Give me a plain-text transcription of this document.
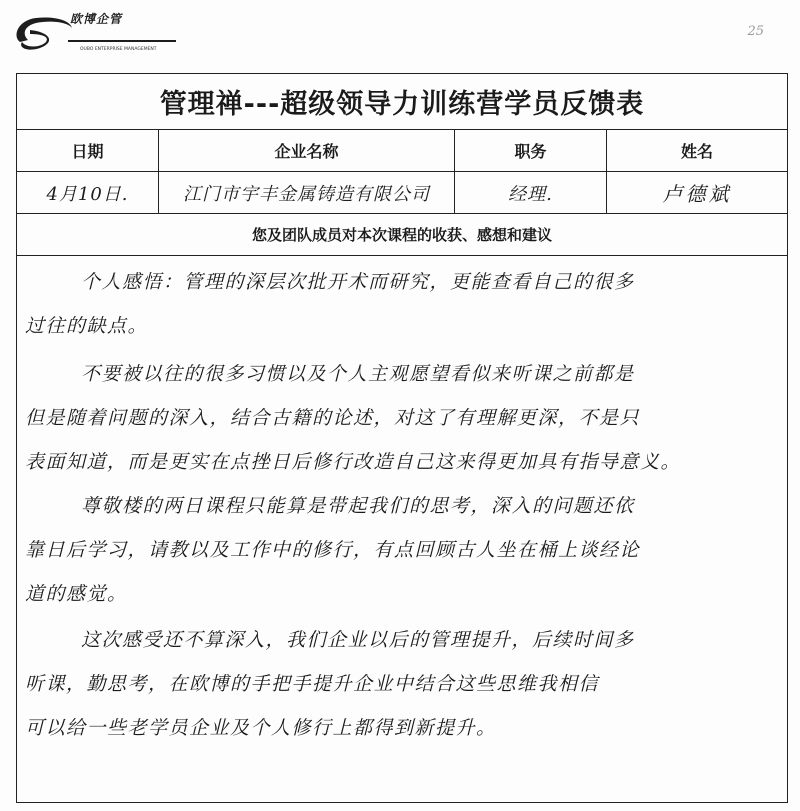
OUBO ENTERPRISE MANAGEMENT
欧博企管
25
管理禅---超级领导力训练营学员反馈表
日期	企业名称	职务	姓名
4月10日.	江门市宇丰金属铸造有限公司	经理.	卢德斌
您及团队成员对本次课程的收获、感想和建议
个人感悟：管理的深层次批开术而研究，更能查看自己的很多
过往的缺点。
不要被以往的很多习惯以及个人主观愿望看似来听课之前都是
但是随着问题的深入，结合古籍的论述，对这了有理解更深，不是只
表面知道，而是更实在点挫日后修行改造自己这来得更加具有指导意义。
尊敬楼的两日课程只能算是带起我们的思考，深入的问题还依
靠日后学习，请教以及工作中的修行，有点回顾古人坐在桶上谈经论
道的感觉。
这次感受还不算深入，我们企业以后的管理提升，后续时间多
听课，勤思考，在欧博的手把手提升企业中结合这些思维我相信
可以给一些老学员企业及个人修行上都得到新提升。
